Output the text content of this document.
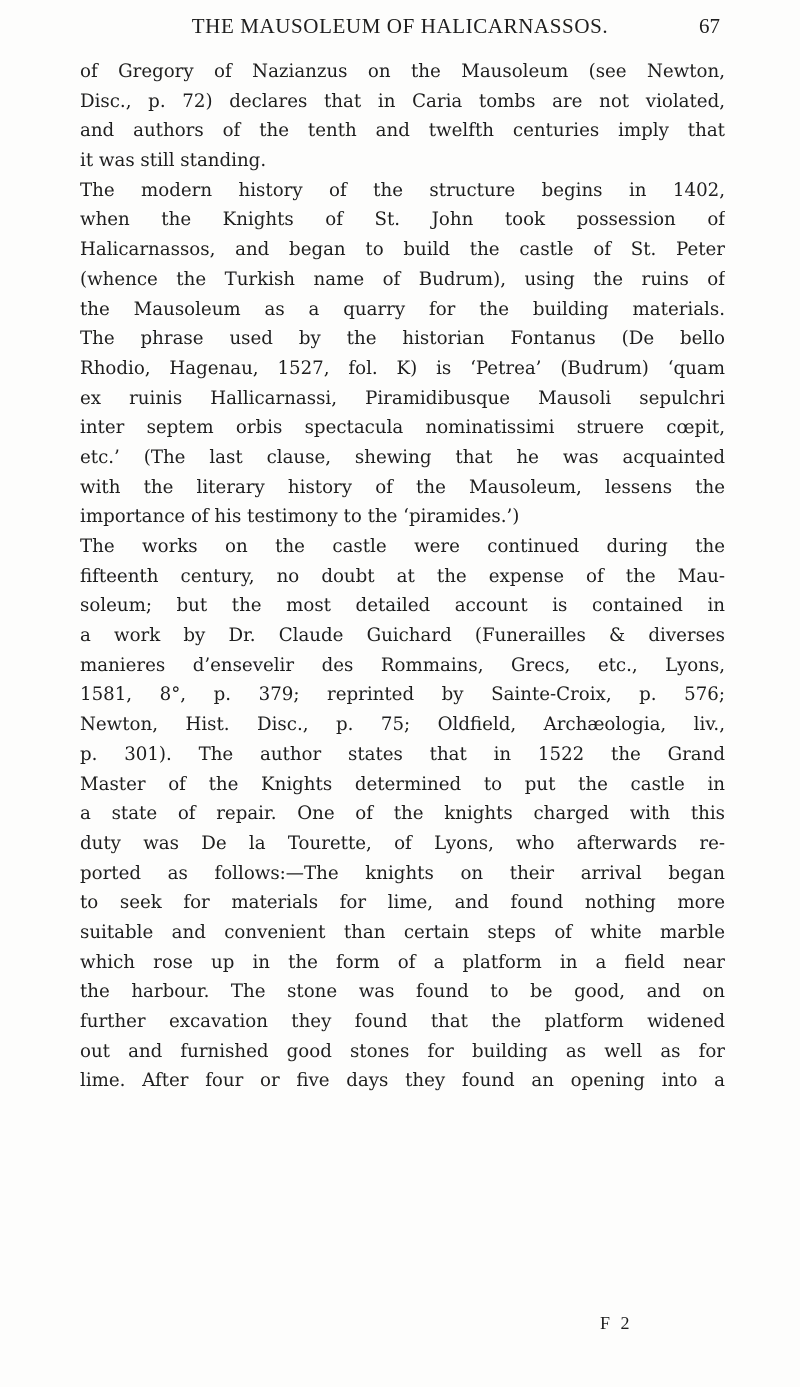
THE MAUSOLEUM OF HALICARNASSOS.	67
of Gregory of Nazianzus on the Mausoleum (see Newton,
Disc., p. 72) declares that in Caria tombs are not violated,
and authors of the tenth and twelfth centuries imply that
it was still standing.
The modern history of the structure begins in 1402,
when the Knights of St. John took possession of
Halicarnassos, and began to build the castle of St. Peter
(whence the Turkish name of Budrum), using the ruins of
the Mausoleum as a quarry for the building materials.
The phrase used by the historian Fontanus (De bello
Rhodio, Hagenau, 1527, fol. K) is ‘Petrea’ (Budrum) ‘quam
ex ruinis Hallicarnassi, Piramidibusque Mausoli sepulchri
inter septem orbis spectacula nominatissimi struere cœpit,
etc.’ (The last clause, shewing that he was acquainted
with the literary history of the Mausoleum, lessens the
importance of his testimony to the ‘piramides.’)
The works on the castle were continued during the
fifteenth century, no doubt at the expense of the Mau-
soleum; but the most detailed account is contained in
a work by Dr. Claude Guichard (Funerailles & diverses
manieres d’ensevelir des Rommains, Grecs, etc., Lyons,
1581, 8°, p. 379; reprinted by Sainte-Croix, p. 576;
Newton, Hist. Disc., p. 75; Oldfield, Archæologia, liv.,
p. 301). The author states that in 1522 the Grand
Master of the Knights determined to put the castle in
a state of repair. One of the knights charged with this
duty was De la Tourette, of Lyons, who afterwards re-
ported as follows:—The knights on their arrival began
to seek for materials for lime, and found nothing more
suitable and convenient than certain steps of white marble
which rose up in the form of a platform in a field near
the harbour. The stone was found to be good, and on
further excavation they found that the platform widened
out and furnished good stones for building as well as for
lime. After four or five days they found an opening into a
F 2
